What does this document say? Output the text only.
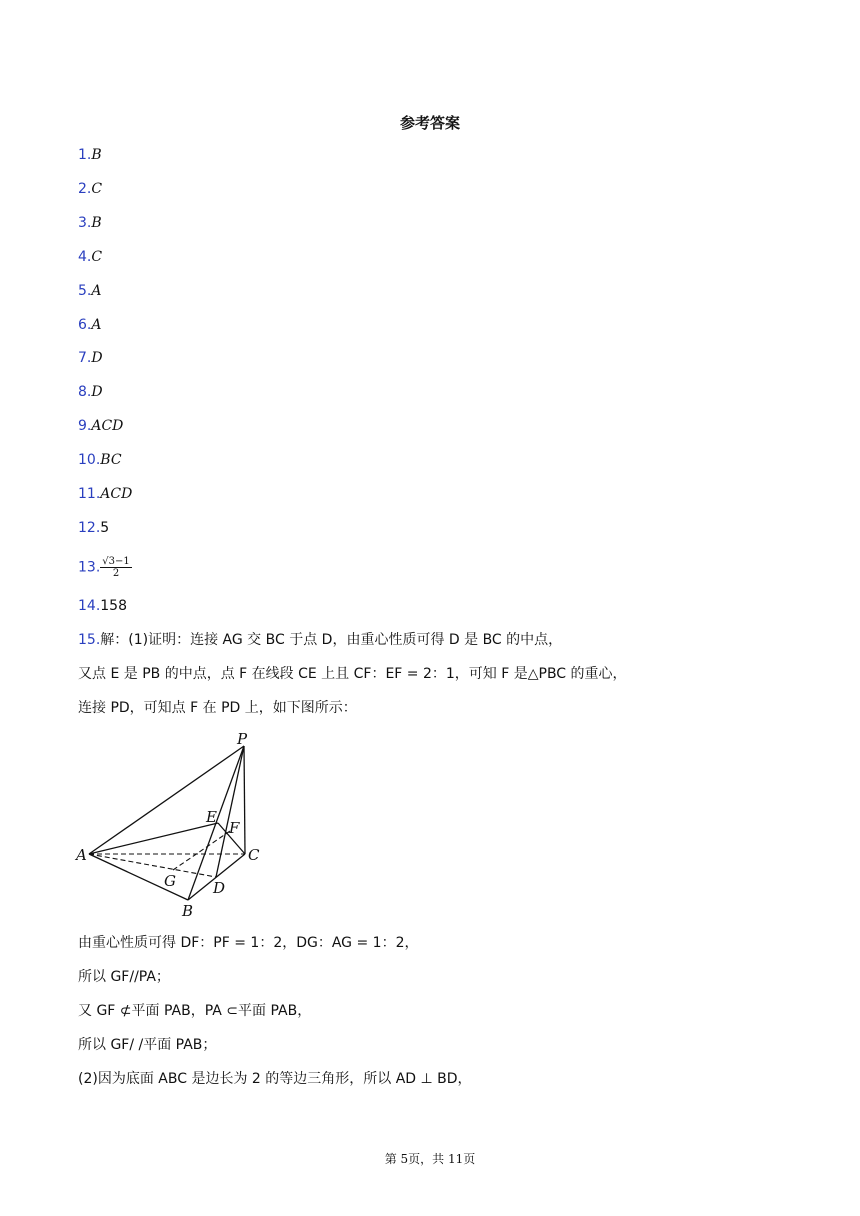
参考答案
1.B
2.C
3.B
4.C
5.A
6.A
7.D
8.D
9.ACD
10.BC
11.ACD
12.5
13. $\frac{√3-1}{2}$
14.158
15.解：(1)证明：连接 AG 交 BC 于点 D，由重心性质可得 D 是 BC 的中点，
又点 E 是 PB 的中点，点 F 在线段 CE 上且 CF：EF = 2：1，可知 F 是△PBC 的重心，
连接 PD，可知点 F 在 PD 上，如下图所示：
P
E
F
A	C
G D
B
由重心性质可得 DF：PF = 1：2，DG：AG = 1：2，
所以 GF//PA；
又 GF ⊄平面 PAB，PA ⊂平面 PAB，
所以 GF/ /平面 PAB；
(2)因为底面 ABC 是边长为 2 的等边三角形，所以 AD ⊥ BD，
第 5页，共 11页
